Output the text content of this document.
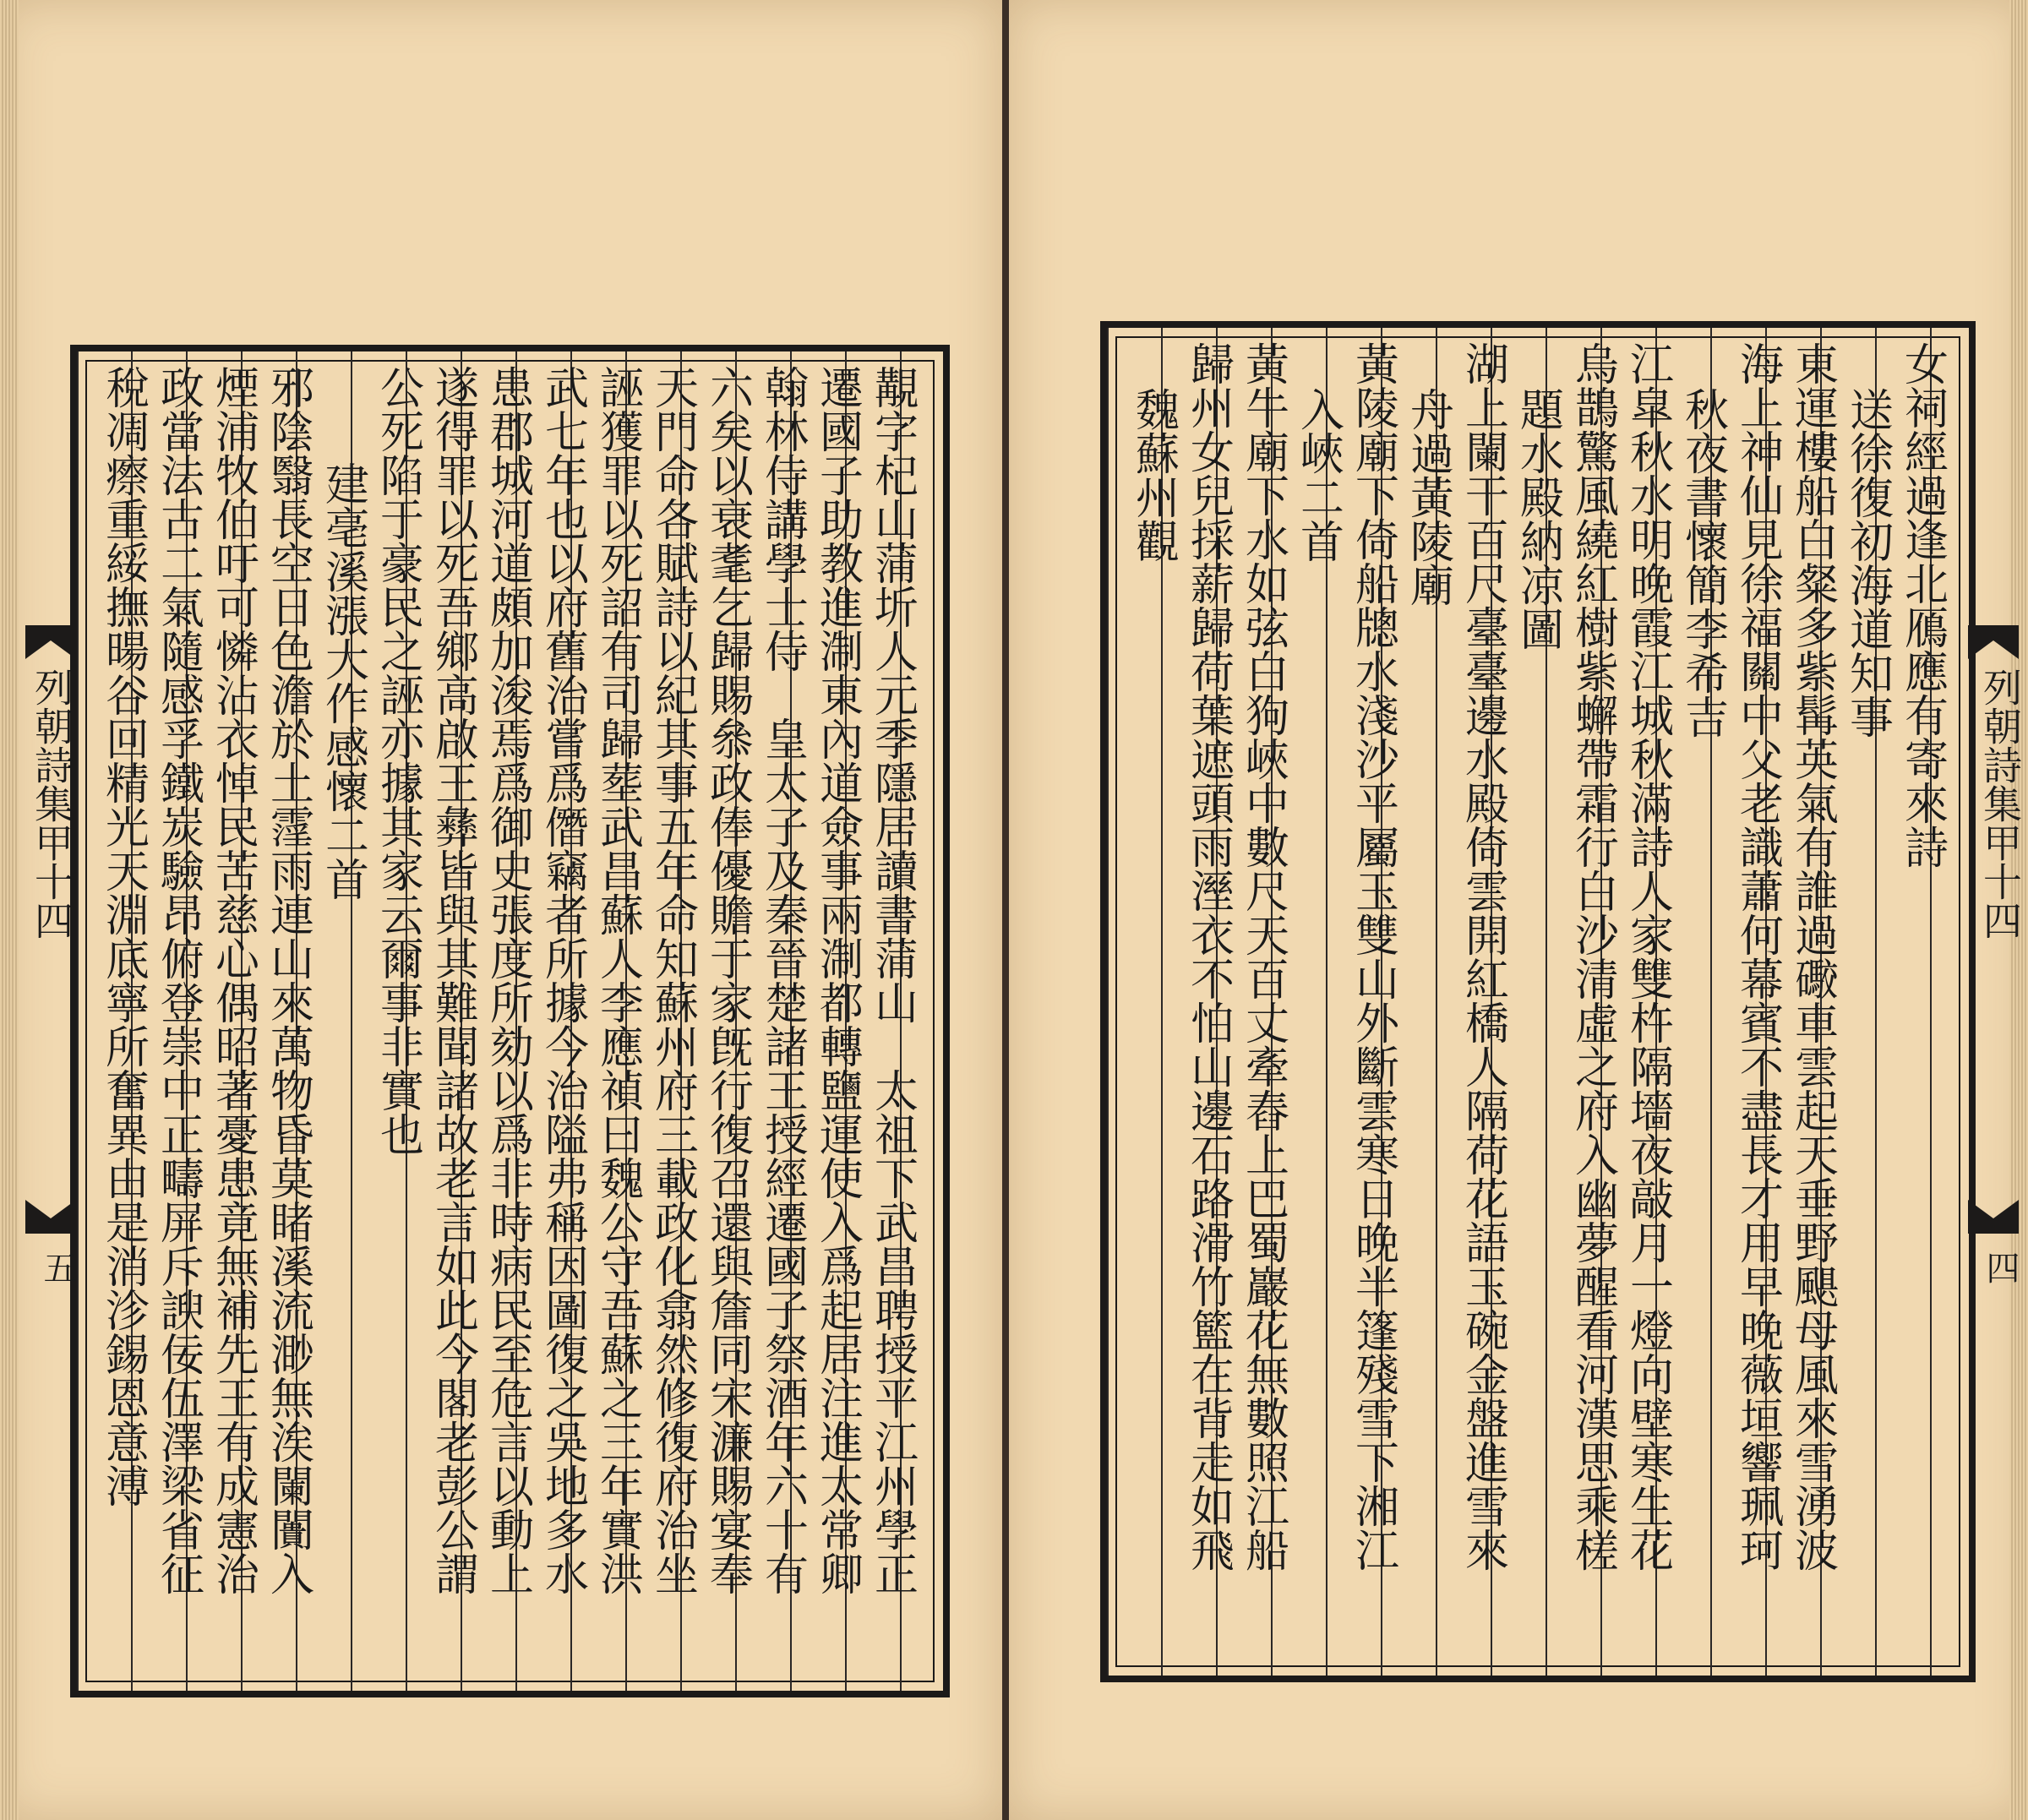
覯字杞山蒲圻人元季隱居讀書蒲山　太祖下武昌聘授平江州學正
遷國子助教進淛東內道僉事兩淛都轉鹽運使入爲起居注進太常卿
翰林侍講學士侍　皇太子及秦晉楚諸王授經遷國子祭酒年六十有
六矣以衰耄乞歸賜叅政俸優贍于家旣行復召還與詹同宋濂賜宴奉
天門命各賦詩以紀其事五年命知蘇州府三載政化翕然修復府治坐
誣獲罪以死詔有司歸塟武昌蘇人李應禎曰魏公守吾蘇之三年實洪
武七年也以府舊治嘗爲僭竊者所據今治隘弗稱因圖復之吳地多水
患郡城河道頗加浚焉爲御史張度所劾以爲非時病民至危言以動上
遂得罪以死吾鄉高啟王彝皆與其難聞諸故老言如此今閣老彭公謂
公死陷于豪民之誣亦據其家云爾事非實也
建亳溪漲大作感懷二首
邪陰翳長空日色澹於土霪雨連山來萬物昏莫睹溪流渺無涘闌闠入
煙浦牧伯吁可憐沾衣悼民苦慈心偶昭著憂患竟無補先王有成憲治
政當法古二氣隨感孚鐵炭驗昂俯登崇中正疇屏斥諛佞伍澤梁省征
稅凋瘵重綏撫暘谷回精光天淵底寧所奮異由是消沴錫恩意溥
列朝詩集甲十四
五
女祠經過逢北鴈應有寄來詩
送徐復初海道知事
東運樓船白粲多紫髯英氣有誰過礮車雲起天垂野颶母風來雪湧波
海上神仙見徐福關中父老識蕭何幕賓不盡長才用早晚薇垣響珮珂
秋夜書懷簡李希吉
江皐秋水明晚霞江城秋滿詩人家雙杵隔墻夜敲月一燈向壁寒生花
烏鵲驚風繞紅樹紫蠏帶霜行白沙清虛之府入幽夢醒看河漢思乘槎
題水殿納凉圖
湖上闌干百尺臺臺邊水殿倚雲開紅橋人隔荷花語玉碗金盤進雪來
舟過黃陵廟
黃陵廟下倚船牕水淺沙平屬玉雙山外斷雲寒日晚半篷殘雪下湘江
入峽二首
黃牛廟下水如弦白狗峽中數尺天百丈牽舂上巴蜀巖花無數照江船
歸州女兒採薪歸荷葉遮頭雨溼衣不怕山邊石路滑竹籃在背走如飛
魏蘇州觀
列朝詩集甲十四
四
